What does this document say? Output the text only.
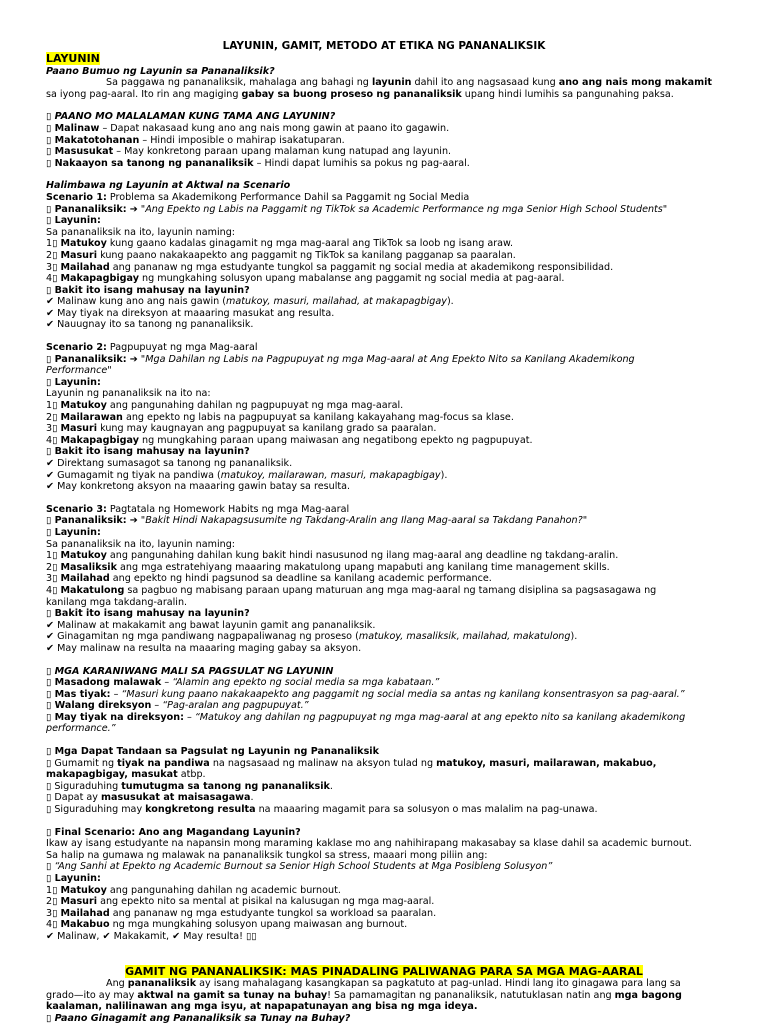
LAYUNIN, GAMIT, METODO AT ETIKA NG PANANALIKSIK

LAYUNIN

Paano Bumuo ng Layunin sa Pananaliksik?

Sa paggawa ng pananaliksik, mahalaga ang bahagi ng layunin dahil ito ang nagsasaad kung ano ang nais mong makamit sa iyong pag-aaral. Ito rin ang magiging gabay sa buong proseso ng pananaliksik upang hindi lumihis sa pangunahing paksa.

▯ PAANO MO MALALAMAN KUNG TAMA ANG LAYUNIN?

▯ Malinaw – Dapat nakasaad kung ano ang nais mong gawin at paano ito gagawin.

▯ Makatotohanan – Hindi imposible o mahirap isakatuparan.

▯ Masusukat – May konkretong paraan upang malaman kung natupad ang layunin.

▯ Nakaayon sa tanong ng pananaliksik – Hindi dapat lumihis sa pokus ng pag-aaral.

Halimbawa ng Layunin at Aktwal na Scenario

Scenario 1: Problema sa Akademikong Performance Dahil sa Paggamit ng Social Media

▯ Pananaliksik: ➔ "Ang Epekto ng Labis na Paggamit ng TikTok sa Academic Performance ng mga Senior High School Students"

▯ Layunin:

Sa pananaliksik na ito, layunin naming:

1▯ Matukoy kung gaano kadalas ginagamit ng mga mag-aaral ang TikTok sa loob ng isang araw.

2▯ Masuri kung paano nakakaapekto ang paggamit ng TikTok sa kanilang pagganap sa paaralan.

3▯ Mailahad ang pananaw ng mga estudyante tungkol sa paggamit ng social media at akademikong responsibilidad.

4▯ Makapagbigay ng mungkahing solusyon upang mabalanse ang paggamit ng social media at pag-aaral.

▯ Bakit ito isang mahusay na layunin?

✔ Malinaw kung ano ang nais gawin (matukoy, masuri, mailahad, at makapagbigay).

✔ May tiyak na direksyon at maaaring masukat ang resulta.

✔ Nauugnay ito sa tanong ng pananaliksik.

Scenario 2: Pagpupuyat ng mga Mag-aaral

▯ Pananaliksik: ➔ "Mga Dahilan ng Labis na Pagpupuyat ng mga Mag-aaral at Ang Epekto Nito sa Kanilang Akademikong

Performance"

▯ Layunin:

Layunin ng pananaliksik na ito na:

1▯ Matukoy ang pangunahing dahilan ng pagpupuyat ng mga mag-aaral.

2▯ Mailarawan ang epekto ng labis na pagpupuyat sa kanilang kakayahang mag-focus sa klase.

3▯ Masuri kung may kaugnayan ang pagpupuyat sa kanilang grado sa paaralan.

4▯ Makapagbigay ng mungkahing paraan upang maiwasan ang negatibong epekto ng pagpupuyat.

▯ Bakit ito isang mahusay na layunin?

✔ Direktang sumasagot sa tanong ng pananaliksik.

✔ Gumagamit ng tiyak na pandiwa (matukoy, mailarawan, masuri, makapagbigay).

✔ May konkretong aksyon na maaaring gawin batay sa resulta.

Scenario 3: Pagtatala ng Homework Habits ng mga Mag-aaral

▯ Pananaliksik: ➔ "Bakit Hindi Nakapagsusumite ng Takdang-Aralin ang Ilang Mag-aaral sa Takdang Panahon?"

▯ Layunin:

Sa pananaliksik na ito, layunin naming:

1▯ Matukoy ang pangunahing dahilan kung bakit hindi nasusunod ng ilang mag-aaral ang deadline ng takdang-aralin.

2▯ Masaliksik ang mga estratehiyang maaaring makatulong upang mapabuti ang kanilang time management skills.

3▯ Mailahad ang epekto ng hindi pagsunod sa deadline sa kanilang academic performance.

4▯ Makatulong sa pagbuo ng mabisang paraan upang maturuan ang mga mag-aaral ng tamang disiplina sa pagsasagawa ng

kanilang mga takdang-aralin.

▯ Bakit ito isang mahusay na layunin?

✔ Malinaw at makakamit ang bawat layunin gamit ang pananaliksik.

✔ Ginagamitan ng mga pandiwang nagpapaliwanag ng proseso (matukoy, masaliksik, mailahad, makatulong).

✔ May malinaw na resulta na maaaring maging gabay sa aksyon.

▯ MGA KARANIWANG MALI SA PAGSULAT NG LAYUNIN

▯ Masadong malawak – “Alamin ang epekto ng social media sa mga kabataan.”

▯ Mas tiyak: – “Masuri kung paano nakakaapekto ang paggamit ng social media sa antas ng kanilang konsentrasyon sa pag-aaral.”

▯ Walang direksyon – “Pag-aralan ang pagpupuyat.”

▯ May tiyak na direksyon: – “Matukoy ang dahilan ng pagpupuyat ng mga mag-aaral at ang epekto nito sa kanilang akademikong

performance.”

▯ Mga Dapat Tandaan sa Pagsulat ng Layunin ng Pananaliksik

▯ Gumamit ng tiyak na pandiwa na nagsasaad ng malinaw na aksyon tulad ng matukoy, masuri, mailarawan, makabuo,

makapagbigay, masukat atbp.

▯ Siguraduhing tumutugma sa tanong ng pananaliksik.

▯ Dapat ay masusukat at maisasagawa.

▯ Siguraduhing may kongkretong resulta na maaaring magamit para sa solusyon o mas malalim na pag-unawa.

▯ Final Scenario: Ano ang Magandang Layunin?

Ikaw ay isang estudyante na napansin mong maraming kaklase mo ang nahihirapang makasabay sa klase dahil sa academic burnout.

Sa halip na gumawa ng malawak na pananaliksik tungkol sa stress, maaari mong piliin ang:

▯ “Ang Sanhi at Epekto ng Academic Burnout sa Senior High School Students at Mga Posibleng Solusyon”

▯ Layunin:

1▯ Matukoy ang pangunahing dahilan ng academic burnout.

2▯ Masuri ang epekto nito sa mental at pisikal na kalusugan ng mga mag-aaral.

3▯ Mailahad ang pananaw ng mga estudyante tungkol sa workload sa paaralan.

4▯ Makabuo ng mga mungkahing solusyon upang maiwasan ang burnout.

✔ Malinaw, ✔ Makakamit, ✔ May resulta! ▯▯

GAMIT NG PANANALIKSIK: MAS PINADALING PALIWANAG PARA SA MGA MAG-AARAL

Ang pananaliksik ay isang mahalagang kasangkapan sa pagkatuto at pag-unlad. Hindi lang ito ginagawa para lang sa

grado—ito ay may aktwal na gamit sa tunay na buhay! Sa pamamagitan ng pananaliksik, natutuklasan natin ang mga bagong

kaalaman, nalilinawan ang mga isyu, at napapatunayan ang bisa ng mga ideya.

▯ Paano Ginagamit ang Pananaliksik sa Tunay na Buhay?
